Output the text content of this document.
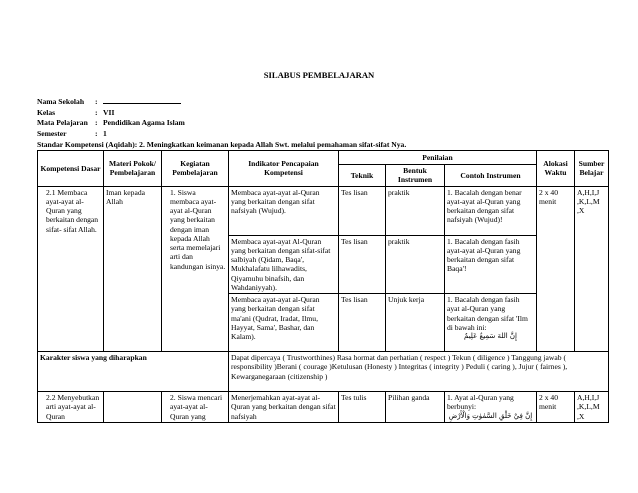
SILABUS PEMBELAJARAN
Nama Sekolah	:
Kelas	: VII
Mata Pelajaran : Pendidikan Agama Islam
Semester	: 1
Standar Kompetensi (Aqidah): 2. Meningkatkan keimanan kepada Allah Swt. melalui pemahaman sifat-sifat Nya.
Kompetensi Dasar	Materi Pokok/ Pembelajaran	Kegiatan Pembelajaran	Indikator Pencapaian Kompetensi	Penilaian			Alokasi Waktu	Sumber Belajar
				Teknik	Bentuk Instrumen	Contoh Instrumen		
2.1 Membaca ayat-ayat al-Quran yang berkaitan dengan sifat- sifat Allah.	Iman kepada Allah	1. Siswa membaca ayat-ayat al-Quran yang berkaitan dengan iman kepada Allah serta memelajari arti dan kandungan isinya.	Membaca ayat-ayat al-Quran yang berkaitan dengan sifat nafsiyah (Wujud).	Tes lisan	praktik	1. Bacalah dengan benar ayat-ayat al-Quran yang berkaitan dengan sifat nafsiyah (Wujud)!	2 x 40 menit	A,H,I,J ,K,L,M ,X
			Membaca ayat-ayat Al-Quran yang berkaitan dengan sifat-sifat salbiyah (Qidam, Baqa', Mukhalafatu lilhawadits, Qiyamuhu binafsih, dan Wahdaniyyah).	Tes lisan	praktik	1. Bacalah dengan fasih ayat-ayat al-Quran yang berkaitan dengan sifat Baqa'!		
			Membaca ayat-ayat al-Quran yang berkaitan dengan sifat ma'ani (Qudrat, Iradat, Ilmu, Hayyat, Sama', Bashar, dan Kalam).	Tes lisan	Unjuk kerja	1. Bacalah dengan fasih ayat al-Quran yang berkaitan dengan sifat 'Ilm di bawah ini:
إِنَّ اللهَ سَمِيعٌ عَلِيمٌ		

Karakter siswa yang diharapkan			Dapat dipercaya ( Trustworthines) Rasa hormat dan perhatian ( respect ) Tekun ( diligence ) Tanggung jawab ( responsibility )Berani ( courage )Ketulusan (Honesty ) Integritas ( integrity ) Peduli ( caring ), Jujur ( fairnes ), Kewarganegaraan (citizenship )					
2.2 Menyebutkan arti ayat-ayat al-Quran		2. Siswa mencari ayat-ayat al-Quran yang	Menerjemahkan ayat-ayat al-Quran yang berkaitan dengan sifat nafsiyah	Tes tulis	Pilihan ganda	1. Ayat al-Quran yang berbunyi:
إِنَّ فِيْ خَلْقِ السَّمٰوٰتِ وَالْأَرْضِ	2 x 40 menit	A,H,I,J ,K,L,M ,X
